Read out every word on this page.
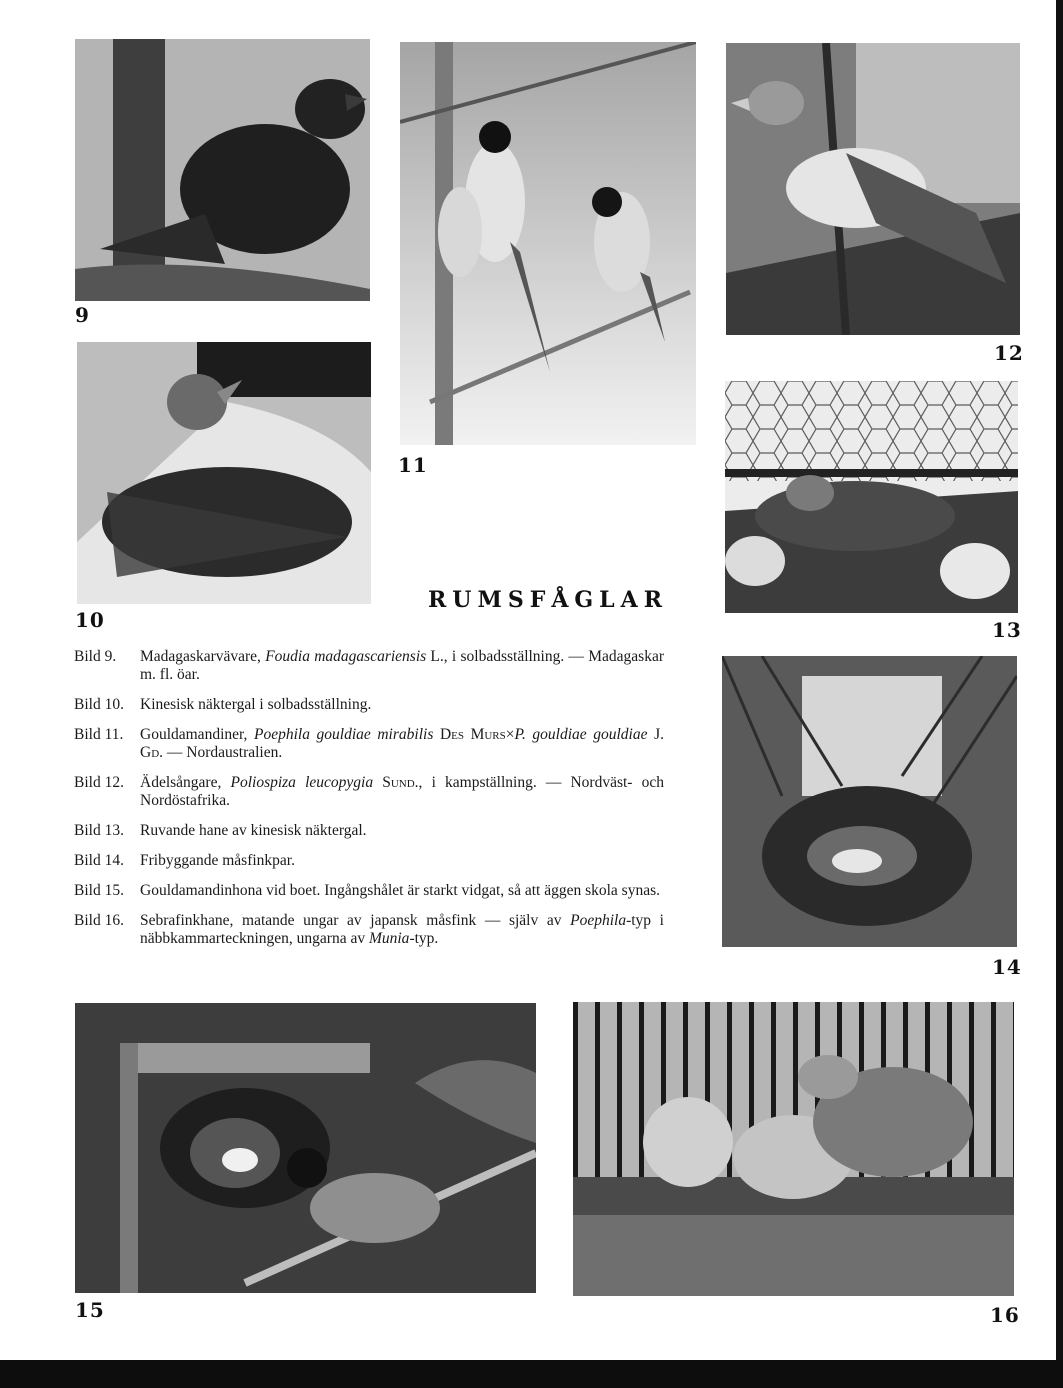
9
10
11
12
13
14
15	16
RUMSFÅGLAR
Bild 9.	Madagaskarvävare, Foudia madagascariensis L., i solbadsställning. — Madagaskar m. fl. öar.
Bild 10.	Kinesisk näktergal i solbadsställning.
Bild 11.	Gouldamandiner, Poephila gouldiae mirabilis Des Murs×P. gouldiae gouldiae J. Gd. — Nordaustralien.
Bild 12.	Ädelsångare, Poliospiza leucopygia Sund., i kampställning. — Nordväst- och Nordöstafrika.
Bild 13.	Ruvande hane av kinesisk näktergal.
Bild 14.	Fribyggande måsfinkpar.
Bild 15.	Gouldamandinhona vid boet. Ingångshålet är starkt vidgat, så att äggen skola synas.
Bild 16.	Sebrafinkhane, matande ungar av japansk måsfink — själv av Poephila-typ i näbbkammarteckningen, ungarna av Munia-typ.
